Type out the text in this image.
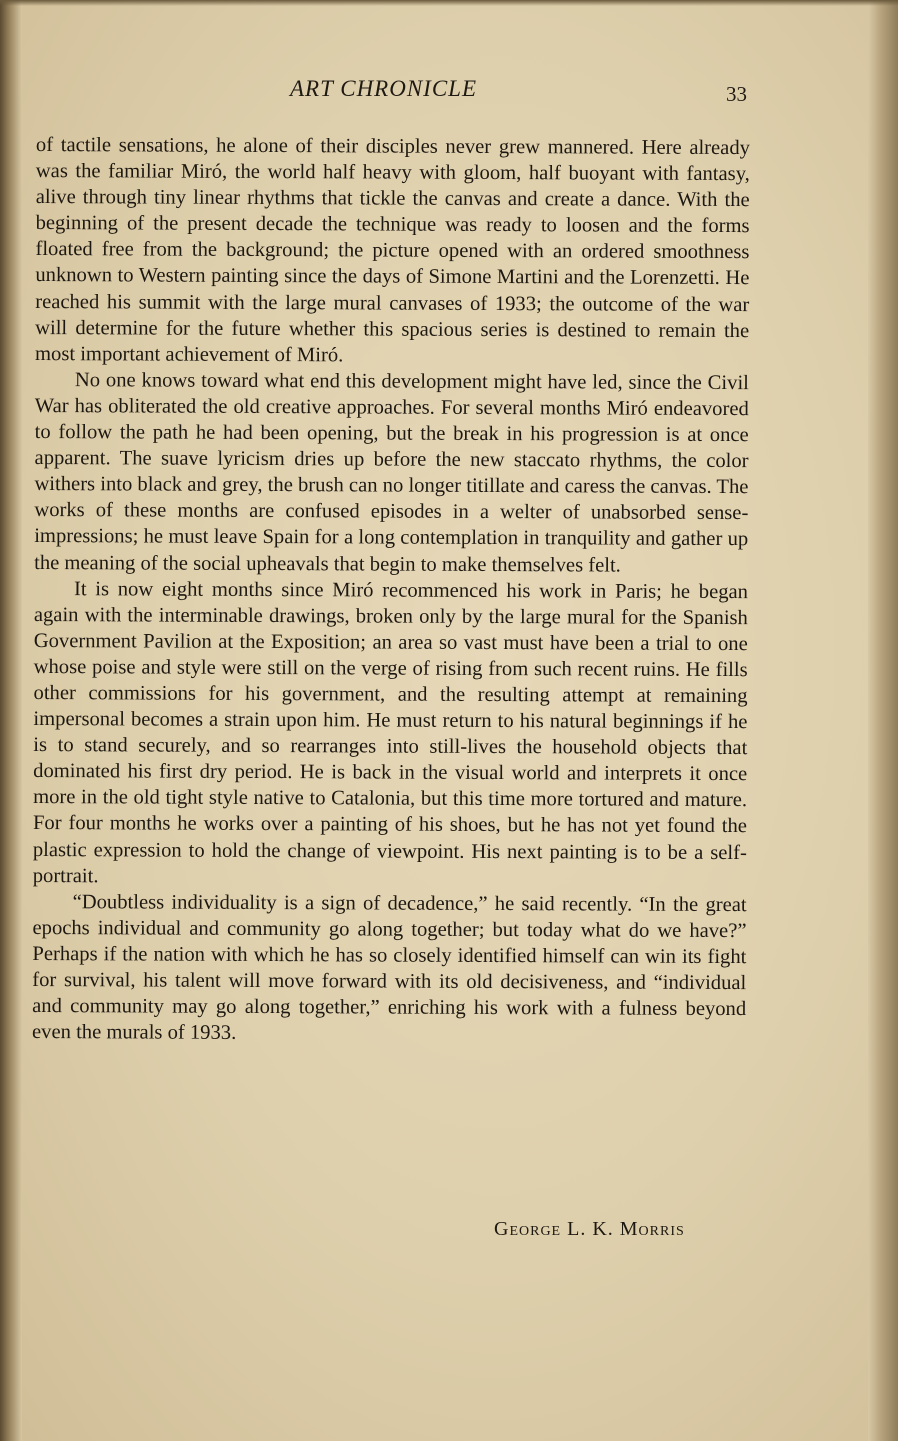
ART CHRONICLE	33

of tactile sensations, he alone of their disciples never grew mannered. Here already was the familiar Miró, the world half heavy with gloom, half buoyant with fantasy, alive through tiny linear rhythms that tickle the canvas and create a dance. With the beginning of the present decade the technique was ready to loosen and the forms floated free from the background; the picture opened with an ordered smoothness unknown to Western painting since the days of Simone Martini and the Lorenzetti. He reached his summit with the large mural canvases of 1933; the outcome of the war will determine for the future whether this spacious series is destined to remain the most important achievement of Miró.

No one knows toward what end this development might have led, since the Civil War has obliterated the old creative approaches. For several months Miró endeavored to follow the path he had been opening, but the break in his progression is at once apparent. The suave lyricism dries up before the new staccato rhythms, the color withers into black and grey, the brush can no longer titillate and caress the canvas. The works of these months are confused episodes in a welter of unabsorbed sense-impressions; he must leave Spain for a long contemplation in tranquility and gather up the meaning of the social upheavals that begin to make themselves felt.

It is now eight months since Miró recommenced his work in Paris; he began again with the interminable drawings, broken only by the large mural for the Spanish Government Pavilion at the Exposition; an area so vast must have been a trial to one whose poise and style were still on the verge of rising from such recent ruins. He fills other commissions for his government, and the resulting attempt at remaining impersonal becomes a strain upon him. He must return to his natural beginnings if he is to stand securely, and so rearranges into still-lives the household objects that dominated his first dry period. He is back in the visual world and interprets it once more in the old tight style native to Catalonia, but this time more tortured and mature. For four months he works over a painting of his shoes, but he has not yet found the plastic expression to hold the change of viewpoint. His next painting is to be a self-portrait.

“Doubtless individuality is a sign of decadence,” he said recently. “In the great epochs individual and community go along together; but today what do we have?” Perhaps if the nation with which he has so closely identified himself can win its fight for survival, his talent will move forward with its old decisiveness, and “individual and community may go along together,” enriching his work with a fulness beyond even the murals of 1933.

George L. K. Morris
